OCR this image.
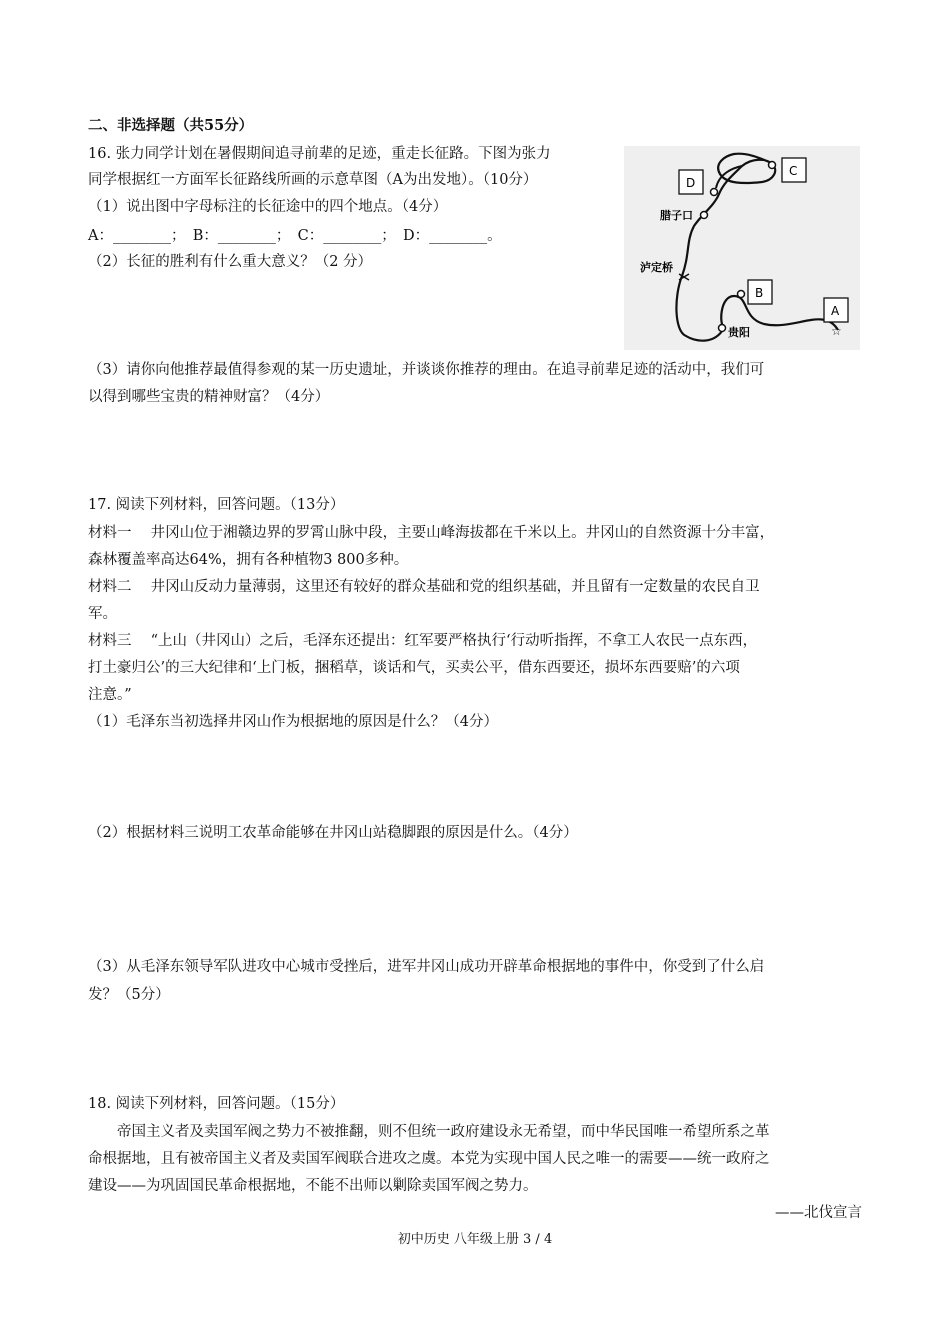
二、非选择题（共55分）
16. 张力同学计划在暑假期间追寻前辈的足迹，重走长征路。下图为张力
同学根据红一方面军长征路线所画的示意草图（A为出发地）。（10分）
（1）说出图中字母标注的长征途中的四个地点。（4分）
A：________；　B：________；　C：________；　D：________。
（2）长征的胜利有什么重大意义？（2 分）
☆
D
C
B
A
腊子口
泸定桥
贵阳
（3）请你向他推荐最值得参观的某一历史遗址，并谈谈你推荐的理由。在追寻前辈足迹的活动中，我们可
以得到哪些宝贵的精神财富？（4分）
17. 阅读下列材料，回答问题。（13分）
材料一　 井冈山位于湘赣边界的罗霄山脉中段，主要山峰海拔都在千米以上。井冈山的自然资源十分丰富，
森林覆盖率高达64%，拥有各种植物3 800多种。
材料二　 井冈山反动力量薄弱，这里还有较好的群众基础和党的组织基础，并且留有一定数量的农民自卫
军。
材料三　 “上山（井冈山）之后，毛泽东还提出：红军要严格执行‘行动听指挥，不拿工人农民一点东西，
打土豪归公’的三大纪律和‘上门板，捆稻草，谈话和气，买卖公平，借东西要还，损坏东西要赔’的六项
注意。”
（1）毛泽东当初选择井冈山作为根据地的原因是什么？（4分）
（2）根据材料三说明工农革命能够在井冈山站稳脚跟的原因是什么。（4分）
（3）从毛泽东领导军队进攻中心城市受挫后，进军井冈山成功开辟革命根据地的事件中，你受到了什么启
发？（5分）
18. 阅读下列材料，回答问题。（15分）
帝国主义者及卖国军阀之势力不被推翻，则不但统一政府建设永无希望，而中华民国唯一希望所系之革
命根据地，且有被帝国主义者及卖国军阀联合进攻之虞。本党为实现中国人民之唯一的需要——统一政府之
建设——为巩固国民革命根据地，不能不出师以剿除卖国军阀之势力。
——北伐宣言
初中历史 八年级上册 3 / 4
